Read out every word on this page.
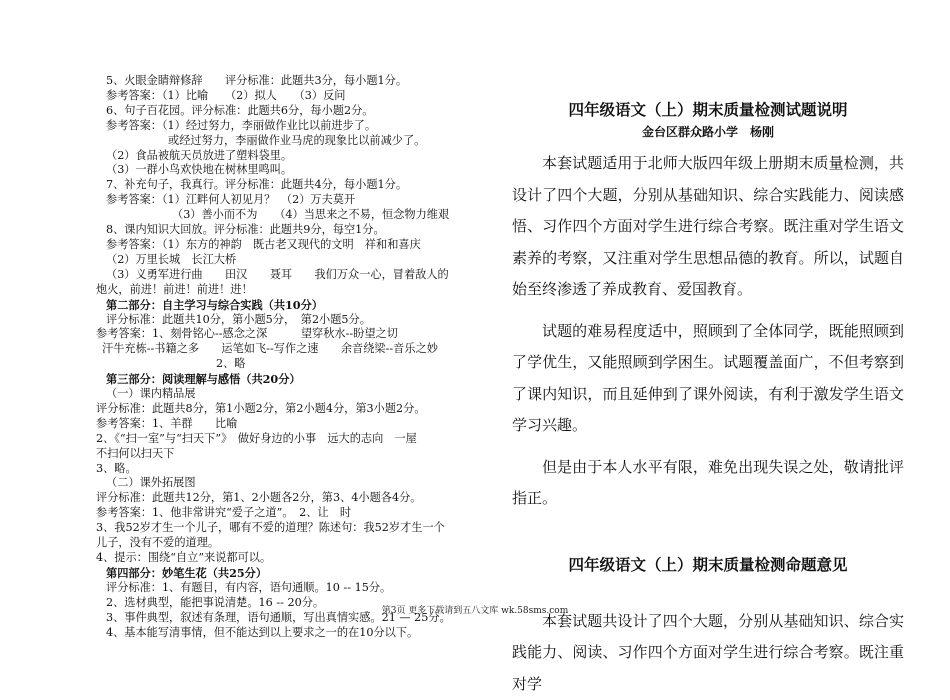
5、火眼金睛辩修辞　　评分标准：此题共3分，每小题1分。
参考答案：（1）比喻　　（2）拟人　　（3）反问
6、句子百花园。评分标准：此题共6分，每小题2分。
参考答案：（1）经过努力，李丽做作业比以前进步了。
或经过努力，李丽做作业马虎的现象比以前减少了。
（2）食品被航天员放进了塑料袋里。
（3）一群小鸟欢快地在树林里鸣叫。
7、补充句子，我真行。评分标准：此题共4分，每小题1分。
参考答案：（1）江畔何人初见月？　（2）万夫莫开
（3）善小而不为　　（4）当思来之不易，恒念物力维艰
8、课内知识大回放。评分标准：此题共9分，每空1分。
参考答案：（1）东方的神韵　既古老又现代的文明　祥和和喜庆
（2）万里长城　长江大桥
（3）义勇军进行曲　　田汉　　聂耳　　我们万众一心，冒着敌人的
炮火，前进！前进！前进！进！
第二部分：自主学习与综合实践（共10分）
评分标准：此题共10分，第小题5分，　第2小题5分。
参考答案：1、刻骨铭心--感念之深　　　望穿秋水--盼望之切
汗牛充栋--书籍之多　　运笔如飞--写作之速　　余音绕梁--音乐之妙
2、略
第三部分：阅读理解与感悟（共20分）
（一）课内精品展
评分标准：此题共8分，第1小题2分，第2小题4分，第3小题2分。
参考答案：1、羊群　　比喻
2、《“扫一室”与“扫天下”》　做好身边的小事　远大的志向　一屋
不扫何以扫天下
3、略。
（二）课外拓展图
评分标准：此题共12分，第1、2小题各2分，第3、4小题各4分。
参考答案：1、他非常讲究“爱子之道”。　2、让　时
3、我52岁才生一个儿子，哪有不爱的道理？陈述句：我52岁才生一个
儿子，没有不爱的道理。
4、提示：围绕“自立”来说都可以。
第四部分：妙笔生花（共25分）
评分标准：1、有题目，有内容，语句通顺。10 -- 15分。
2、选材典型，能把事说清楚。16 -- 20分。
3、事件典型，叙述有条理，语句通顺，写出真情实感。21 — 25分。
4、基本能写清事情，但不能达到以上要求之一的在10分以下。
四年级语文（上）期末质量检测试题说明
金台区群众路小学　杨刚

本套试题适用于北师大版四年级上册期末质量检测，共设计了四个大题，分别从基础知识、综合实践能力、阅读感悟、习作四个方面对学生进行综合考察。既注重对学生语文素养的考察，又注重对学生思想品德的教育。所以，试题自始至终渗透了养成教育、爱国教育。

试题的难易程度适中，照顾到了全体同学，既能照顾到了学优生，又能照顾到学困生。试题覆盖面广，不但考察到了课内知识，而且延伸到了课外阅读，有利于激发学生语文学习兴趣。

但是由于本人水平有限，难免出现失误之处，敬请批评指正。

四年级语文（上）期末质量检测命题意见

本套试题共设计了四个大题，分别从基础知识、综合实践能力、阅读、习作四个方面对学生进行综合考察。既注重对学

第3页 更多下载请到五八文库 wk.58sms.com
